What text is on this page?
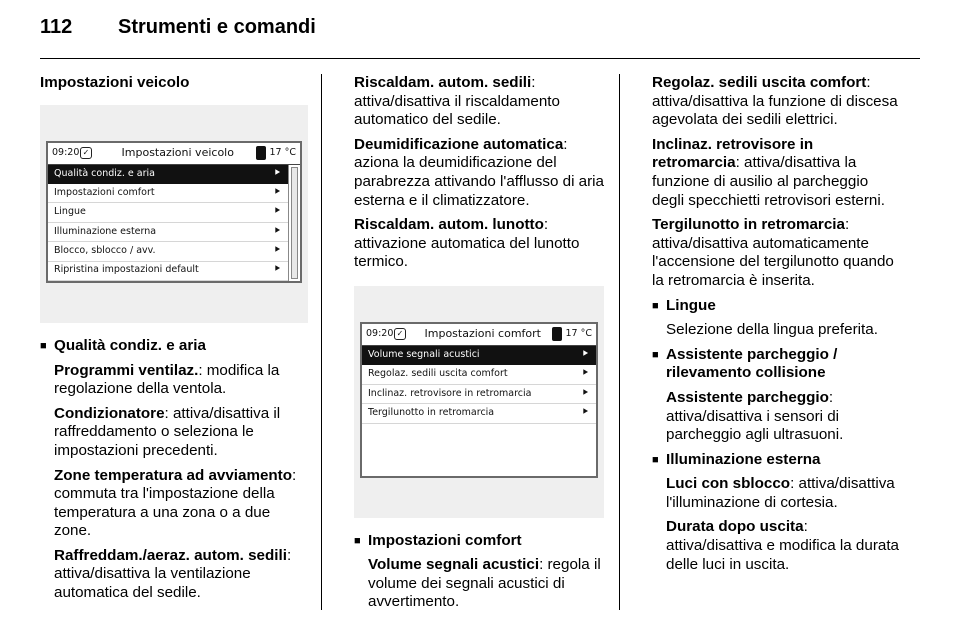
112	Strumenti e comandi
Impostazioni veicolo
09:20 ✓	Impostazioni veicolo	17 °C
Qualità condiz. e aria	⯈
Impostazioni comfort	⯈
Lingue	⯈
Illuminazione esterna	⯈
Blocco, sblocco / avv.	⯈
Ripristina impostazioni default	⯈
■ Qualità condiz. e aria

Programmi ventilaz.: modifica la regolazione della ventola.

Condizionatore: attiva/disattiva il raffreddamento o seleziona le impostazioni precedenti.

Zone temperatura ad avviamento: commuta tra l'impostazione della temperatura a una zona o a due zone.

Raffreddam./aeraz. autom. sedili: attiva/disattiva la ventilazione automatica del sedile.

Riscaldam. autom. sedili: attiva/disattiva il riscaldamento automatico del sedile.

Deumidificazione automatica: aziona la deumidificazione del parabrezza attivando l'afflusso di aria esterna e il climatizzatore.

Riscaldam. autom. lunotto: attivazione automatica del lunotto termico.

09:20 ✓	Impostazioni comfort	17 °C
Volume segnali acustici	⯈
Regolaz. sedili uscita comfort	⯈
Inclinaz. retrovisore in retromarcia	⯈
Tergilunotto in retromarcia	⯈
■ Impostazioni comfort

Volume segnali acustici: regola il volume dei segnali acustici di avvertimento.

Regolaz. sedili uscita comfort: attiva/disattiva la funzione di discesa agevolata dei sedili elettrici.

Inclinaz. retrovisore in retromarcia: attiva/disattiva la funzione di ausilio al parcheggio degli specchietti retrovisori esterni.

Tergilunotto in retromarcia: attiva/disattiva automaticamente l'accensione del tergilunotto quando la retromarcia è inserita.

■ Lingue

Selezione della lingua preferita.

■ Assistente parcheggio / rilevamento collisione

Assistente parcheggio: attiva/disattiva i sensori di parcheggio agli ultrasuoni.

■ Illuminazione esterna

Luci con sblocco: attiva/disattiva l'illuminazione di cortesia.

Durata dopo uscita: attiva/disattiva e modifica la durata delle luci in uscita.
